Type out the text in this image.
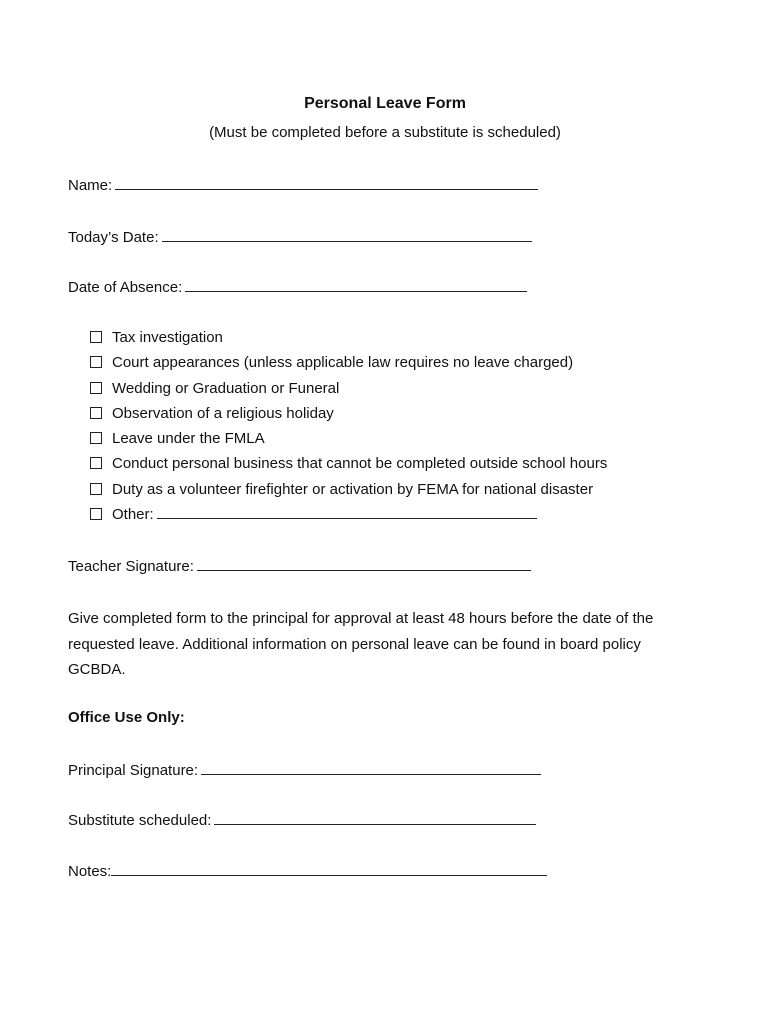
Personal Leave Form
(Must be completed before a substitute is scheduled)
Name:
Today’s Date:
Date of Absence:
Tax investigation
Court appearances (unless applicable law requires no leave charged)
Wedding or Graduation or Funeral
Observation of a religious holiday
Leave under the FMLA
Conduct personal business that cannot be completed outside school hours
Duty as a volunteer firefighter or activation by FEMA for national disaster
Other:
Teacher Signature:
Give completed form to the principal for approval at least 48 hours before the date of the requested leave. Additional information on personal leave can be found in board policy GCBDA.
Office Use Only:
Principal Signature:
Substitute scheduled:
Notes:
